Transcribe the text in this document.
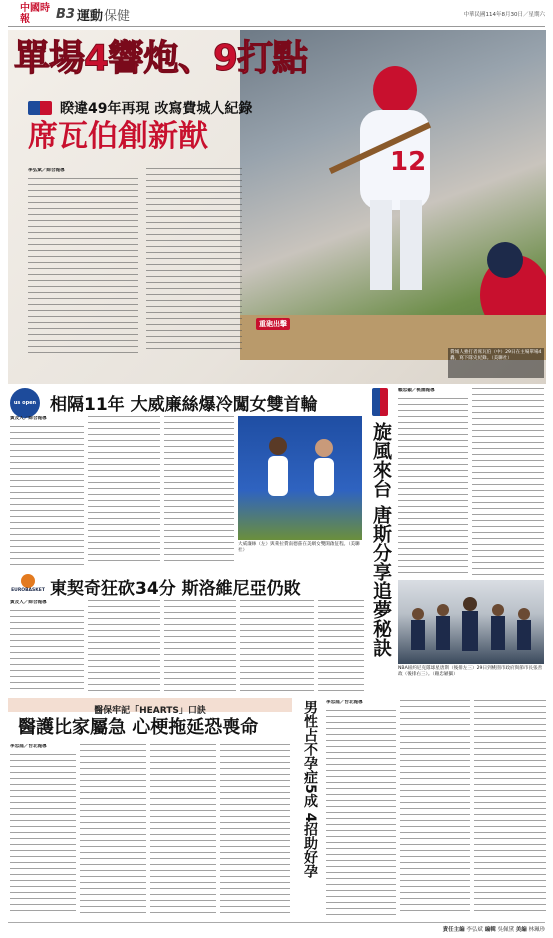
中國時報	B3 運動 保健	中華民國114年8月30日／星期六
12
單場4響炮、9打點
睽違49年再現 改寫費城人紀錄
席瓦伯創新猷
李弘斌／綜合報導
重砲出擊
費城人強打者席瓦伯（中）29日在主場單場4轟，寫下隊史紀錄。（美聯社）
us open 相隔11年 大威廉絲爆冷闖女雙首輪
黃及人／綜合報導
大威廉絲（左）與萊拉費南德茲在美網女雙開啟征程。（美聯社）
EUROBASKET 東契奇狂砍34分 斯洛維尼亞仍敗
黃及人／綜合報導	旋風來台 唐斯分享追夢秘訣
賴忠穎／桃園報導
NBA紐約尼克隊球星唐斯（後排左三）29日到桃園市政府與節市長張善政（後排右三）。（賴忠穎攝）
醫保牢記「HEARTS」口訣
醫護比家屬急 心梗拖延恐喪命
李忠庭／台北報導	男性占不孕症5成 4招助好孕	李忠庭／台北報導
責任主編 李弘斌 編輯 吳佩黛 美編 林珮珍
